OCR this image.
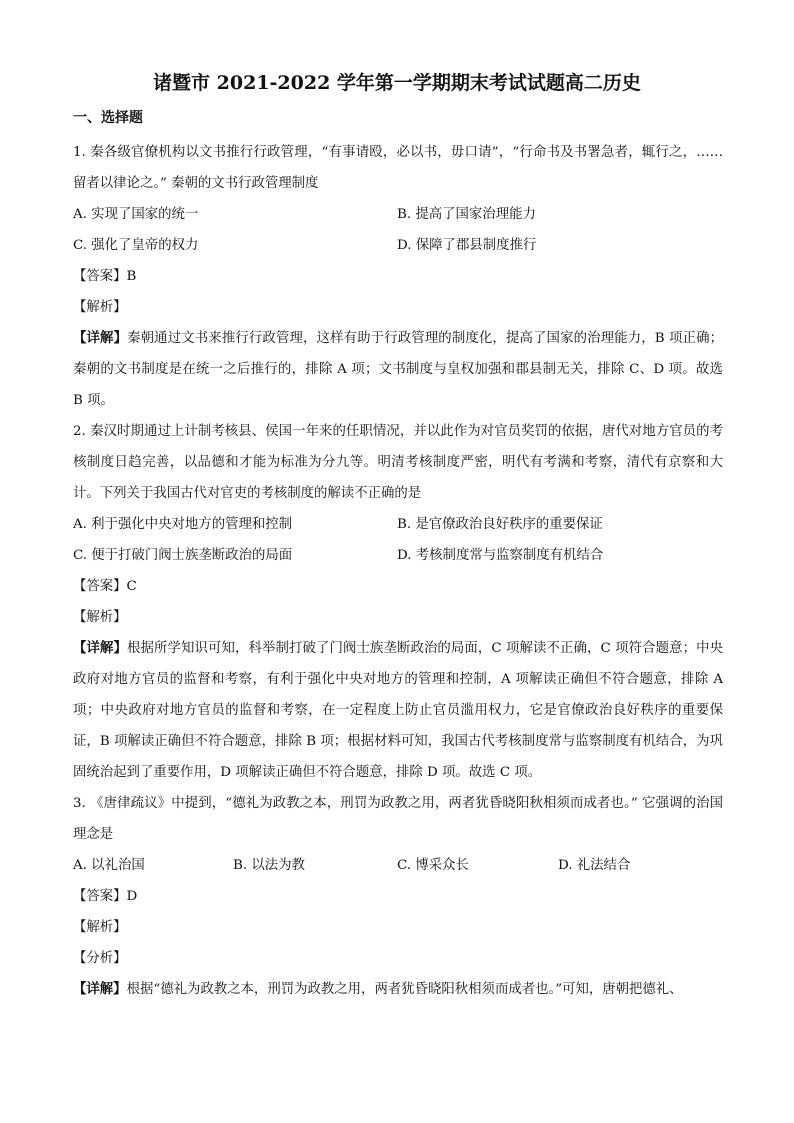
诸暨市 2021-2022 学年第一学期期末考试试题高二历史
一、选择题

1. 秦各级官僚机构以文书推行行政管理，“有事请殴，必以书，毋口请”，“行命书及书署急者，辄行之，……留者以律论之。” 秦朝的文书行政管理制度

A. 实现了国家的统一	B. 提高了国家治理能力
C. 强化了皇帝的权力	D. 保障了郡县制度推行

【答案】B

【解析】

【详解】秦朝通过文书来推行行政管理，这样有助于行政管理的制度化，提高了国家的治理能力，B 项正确；秦朝的文书制度是在统一之后推行的，排除 A 项；文书制度与皇权加强和郡县制无关，排除 C、D 项。故选 B 项。

2. 秦汉时期通过上计制考核县、侯国一年来的任职情况，并以此作为对官员奖罚的依据，唐代对地方官员的考核制度日趋完善，以品德和才能为标准为分九等。明清考核制度严密，明代有考满和考察，清代有京察和大计。下列关于我国古代对官吏的考核制度的解读不正确的是

A. 利于强化中央对地方的管理和控制	B. 是官僚政治良好秩序的重要保证
C. 便于打破门阀士族垄断政治的局面	D. 考核制度常与监察制度有机结合

【答案】C

【解析】

【详解】根据所学知识可知，科举制打破了门阀士族垄断政治的局面，C 项解读不正确，C 项符合题意；中央政府对地方官员的监督和考察，有利于强化中央对地方的管理和控制，A 项解读正确但不符合题意，排除 A 项；中央政府对地方官员的监督和考察，在一定程度上防止官员滥用权力，它是官僚政治良好秩序的重要保证，B 项解读正确但不符合题意，排除 B 项；根据材料可知，我国古代考核制度常与监察制度有机结合，为巩固统治起到了重要作用，D 项解读正确但不符合题意，排除 D 项。故选 C 项。

3. 《唐律疏议》中提到，“德礼为政教之本，刑罚为政教之用，两者犹昏晓阳秋相须而成者也。” 它强调的治国理念是

A. 以礼治国	B. 以法为教	C. 博采众长	D. 礼法结合

【答案】D

【解析】

【分析】

【详解】根据“德礼为政教之本，刑罚为政教之用，两者犹昏晓阳秋相须而成者也。”可知，唐朝把德礼、
